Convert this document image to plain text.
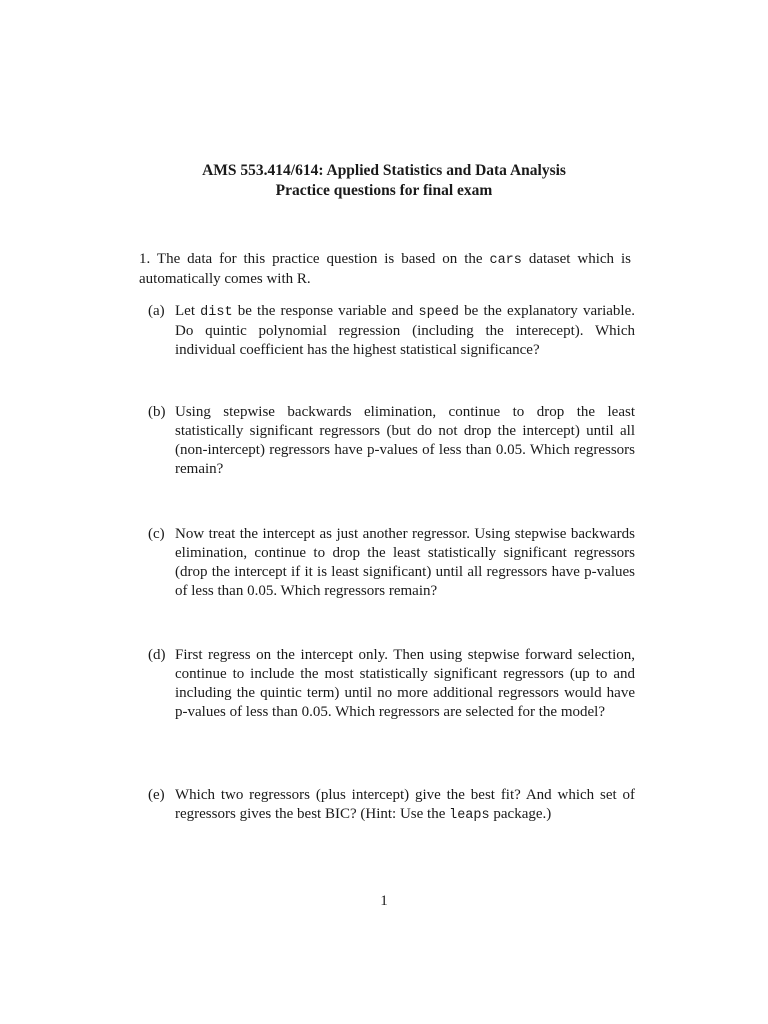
AMS 553.414/614: Applied Statistics and Data Analysis
Practice questions for final exam
1. The data for this practice question is based on the cars dataset which is automatically comes with R.
(a) Let dist be the response variable and speed be the explanatory variable. Do quintic polynomial regression (including the interecept). Which individual coefficient has the highest statistical significance?
(b) Using stepwise backwards elimination, continue to drop the least statistically significant regressors (but do not drop the intercept) until all (non-intercept) regressors have p-values of less than 0.05. Which regressors remain?
(c) Now treat the intercept as just another regressor. Using stepwise backwards elimination, continue to drop the least statistically significant regressors (drop the intercept if it is least significant) until all regressors have p-values of less than 0.05. Which regressors remain?
(d) First regress on the intercept only. Then using stepwise forward selection, continue to include the most statistically significant regressors (up to and including the quintic term) until no more additional regressors would have p-values of less than 0.05. Which regressors are selected for the model?
(e) Which two regressors (plus intercept) give the best fit? And which set of regressors gives the best BIC? (Hint: Use the leaps package.)
1
